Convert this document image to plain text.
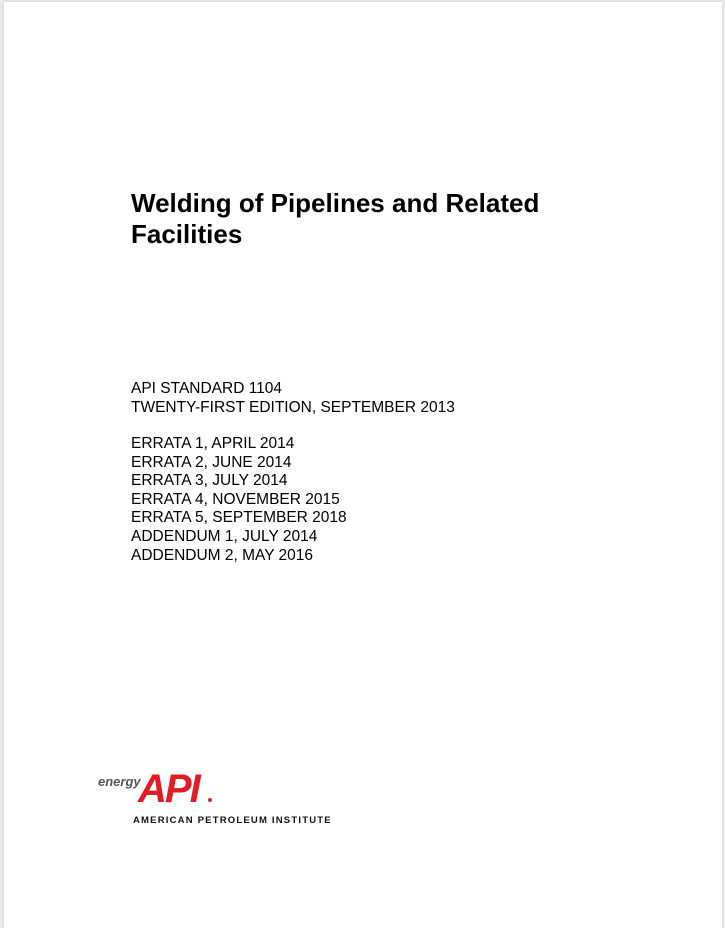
Welding of Pipelines and Related Facilities
API STANDARD 1104
TWENTY-FIRST EDITION, SEPTEMBER 2013
ERRATA 1, APRIL 2014
ERRATA 2, JUNE 2014
ERRATA 3, JULY 2014
ERRATA 4, NOVEMBER 2015
ERRATA 5, SEPTEMBER 2018
ADDENDUM 1, JULY 2014
ADDENDUM 2, MAY 2016
energy
API
AMERICAN PETROLEUM INSTITUTE
